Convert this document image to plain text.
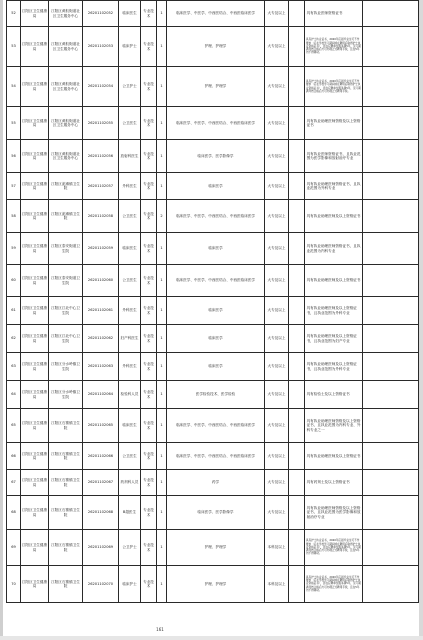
52	江阳区卫生健康局	江阳区黄舣街道社区卫生服务中心	26201102052	临床医生	专业技术	1	临床医学、中医学、中西医结合、中西医临床医学	大专及以上		具有执业医师资格证书	
53	江阳区卫生健康局	江阳区黄舣街道社区卫生服务中心	26201102053	临床护士	专业技术	1	护理、护理学	大专及以上		具有护士执业证书，2020年应届毕业生可不作要求（应在学校学习期间或在聘用后取得护士执业资格证书），需在应聘单位服务满5年，见习期满考核合格后方可办理正式聘用手续，且在5年内不得调动。	
54	江阳区卫生健康局	江阳区黄舣街道社区卫生服务中心	26201102054	公卫护士	专业技术	1	护理、护理学	大专及以上		具有护士执业证书，2020年应届毕业生可不作要求（应在学校学习期间或在聘用后取得护士执业资格证书），需在应聘单位服务满5年，见习期满考核合格后方可办理正式聘用手续。	
55	江阳区卫生健康局	江阳区黄舣街道社区卫生服务中心	26201102055	公卫医生	专业技术	1	临床医学、中医学、中西医结合、中西医临床医学	大专及以上		具有执业助理医师资格及以上资格证书	
56	江阳区卫生健康局	江阳区黄舣街道社区卫生服务中心	26201102056	放射科医生	专业技术	1	临床医学、医学影像学	大专及以上		具有执业医师资格证书，且执业范围为医学影像和放射治疗专业	
57	江阳区卫生健康局	江阳区泥滩镇卫生院	26201102057	外科医生	专业技术	1	临床医学	大专及以上		具有执业助理医师资格证书，且执业范围为外科专业	
58	江阳区卫生健康局	江阳区泥滩镇卫生院	26201102058	公卫医生	专业技术	2	临床医学、中医学、中西医结合、中西医临床医学	大专及以上		具有执业助理医师及以上资格证书	
59	江阳区卫生健康局	江阳区泰安街道卫生院	26201102059	临床医生	专业技术	1	临床医学	大专及以上		具有执业助理医师资格证书，且执业范围为内科专业	
60	江阳区卫生健康局	江阳区泰安街道卫生院	26201102060	公卫医生	专业技术	1	临床医学、中医学、中西医结合、中西医临床医学	大专及以上		具有执业助理医师及以上资格证书	
61	江阳区卫生健康局	江阳区江北中心卫生院	26201102061	外科医生	专业技术	1	临床医学	大专及以上		具有执业助理医师及以上资格证书，且执业范围为外科专业	
62	江阳区卫生健康局	江阳区江北中心卫生院	26201102062	妇产科医生	专业技术	1	临床医学	大专及以上		具有执业助理医师及以上资格证书，且执业范围为妇产专业	
63	江阳区卫生健康局	江阳区分水岭镇卫生院	26201102063	外科医生	专业技术	1	临床医学	大专及以上		具有执业助理医师及以上资格证书，且执业范围为外科专业	
64	江阳区卫生健康局	江阳区分水岭镇卫生院	26201102064	检验科人员	专业技术	1	医学检验技术、医学检验	大专及以上		具有检验士及以上资格证书	
65	江阳区卫生健康局	江阳区石寨镇卫生院	26201102065	临床医生	专业技术	1	临床医学、中医学、中西医结合、中西医临床医学	大专及以上		具有执业助理医师资格及以上资格证书，且执业范围为内科专业、外科专业之一	
66	江阳区卫生健康局	江阳区石寨镇卫生院	26201102066	公卫医生	专业技术	1	临床医学、中医学、中西医结合、中西医临床医学	大专及以上		具有执业助理医师及以上资格证书	
67	江阳区卫生健康局	江阳区石寨镇卫生院	26201102067	药剂科人员	专业技术	1	药学	大专及以上		具有药剂士及以上资格证书	
68	江阳区卫生健康局	江阳区石寨镇卫生院	26201102068	B超医生	专业技术	1	临床医学、医学影像学	大专及以上		具有执业助理医师资格及以上资格证书，且执业范围为医学影像和放射治疗专业	
69	江阳区卫生健康局	江阳区石寨镇卫生院	26201102069	公卫护士	专业技术	1	护理、护理学	本科及以上		具有护士执业证书，2020年应届毕业生可不作要求（应在学校学习期间或在聘用后取得护士执业资格证书），需在应聘单位服务满5年，见习期满考核合格后方可办理正式聘用手续，且在5年内不得调动。	
70	江阳区卫生健康局	江阳区石寨镇卫生院	26201102070	临床护士	专业技术	1	护理、护理学	本科及以上		具有护士执业证书，2020年应届毕业生可不作要求（应在学校学习期间或在聘用后取得护士执业资格证书），需在应聘单位服务满5年，见习期满考核合格后方可办理正式聘用手续，且在5年内不得调动。	
161
